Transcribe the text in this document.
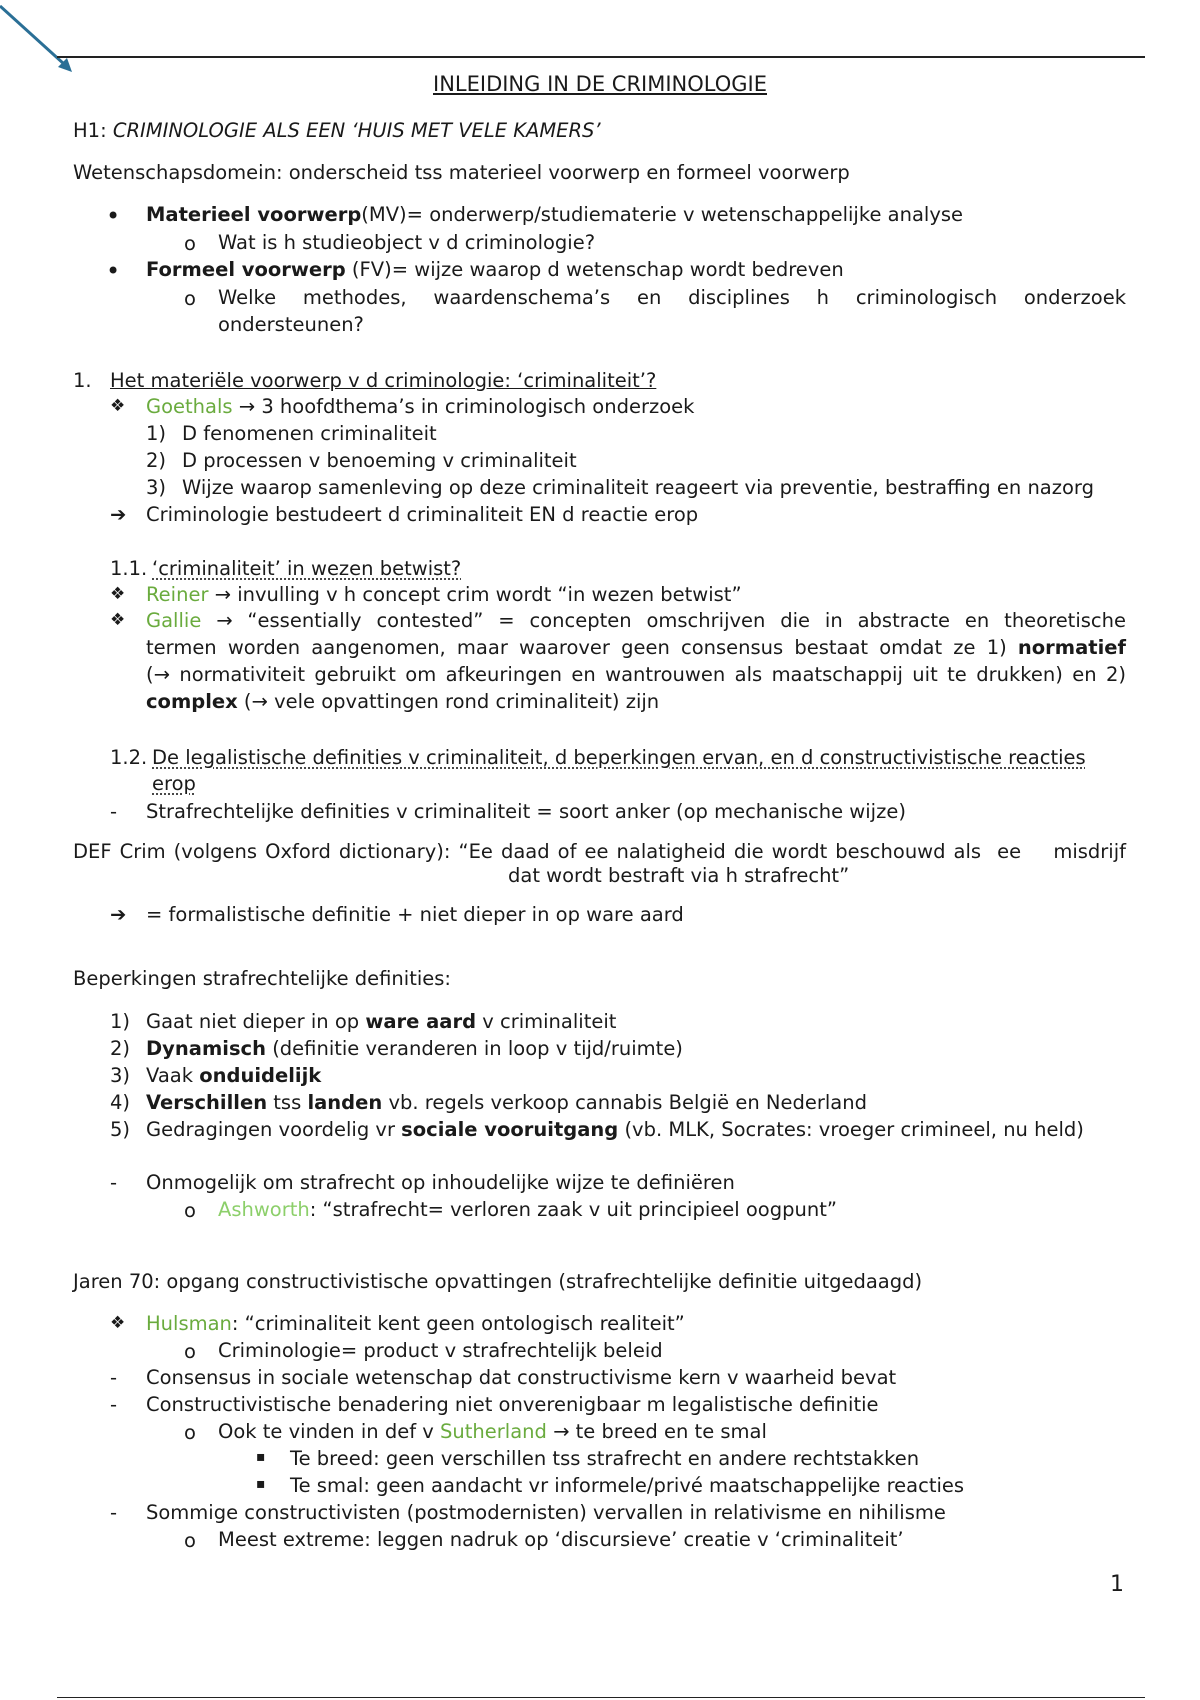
INLEIDING IN DE CRIMINOLOGIE
H1: CRIMINOLOGIE ALS EEN ‘HUIS MET VELE KAMERS’
Wetenschapsdomein: onderscheid tss materieel voorwerp en formeel voorwerp
• Materieel voorwerp(MV)= onderwerp/studiematerie v wetenschappelijke analyse
o Wat is h studieobject v d criminologie?
• Formeel voorwerp (FV)= wijze waarop d wetenschap wordt bedreven
o Welke methodes, waardenschema’s en disciplines h criminologisch onderzoek
ondersteunen?
1. Het materiële voorwerp v d criminologie: ‘criminaliteit’?
❖ Goethals → 3 hoofdthema’s in criminologisch onderzoek
1) D fenomenen criminaliteit
2) D processen v benoeming v criminaliteit
3) Wijze waarop samenleving op deze criminaliteit reageert via preventie, bestraffing en nazorg
➔ Criminologie bestudeert d criminaliteit EN d reactie erop
1.1. ‘criminaliteit’ in wezen betwist?
❖ Reiner → invulling v h concept crim wordt “in wezen betwist”
❖ Gallie → “essentially contested” = concepten omschrijven die in abstracte en theoretische
termen worden aangenomen, maar waarover geen consensus bestaat omdat ze 1) normatief
(→ normativiteit gebruikt om afkeuringen en wantrouwen als maatschappij uit te drukken) en 2)
complex (→ vele opvattingen rond criminaliteit) zijn
1.2. De legalistische definities v criminaliteit, d beperkingen ervan, en d constructivistische reacties
erop
- Strafrechtelijke definities v criminaliteit = soort anker (op mechanische wijze)
DEF Crim (volgens Oxford dictionary): “Ee daad of ee nalatigheid die wordt beschouwd als  ee    misdrijf
dat wordt bestraft via h strafrecht”
➔ = formalistische definitie + niet dieper in op ware aard
Beperkingen strafrechtelijke definities:
1) Gaat niet dieper in op ware aard v criminaliteit
2) Dynamisch (definitie veranderen in loop v tijd/ruimte)
3) Vaak onduidelijk
4) Verschillen tss landen vb. regels verkoop cannabis België en Nederland
5) Gedragingen voordelig vr sociale vooruitgang (vb. MLK, Socrates: vroeger crimineel, nu held)
- Onmogelijk om strafrecht op inhoudelijke wijze te definiëren
o Ashworth: “strafrecht= verloren zaak v uit principieel oogpunt”
Jaren 70: opgang constructivistische opvattingen (strafrechtelijke definitie uitgedaagd)
❖ Hulsman: “criminaliteit kent geen ontologisch realiteit”
o Criminologie= product v strafrechtelijk beleid
- Consensus in sociale wetenschap dat constructivisme kern v waarheid bevat
- Constructivistische benadering niet onverenigbaar m legalistische definitie
o Ook te vinden in def v Sutherland → te breed en te smal
▪ Te breed: geen verschillen tss strafrecht en andere rechtstakken
▪ Te smal: geen aandacht vr informele/privé maatschappelijke reacties
- Sommige constructivisten (postmodernisten) vervallen in relativisme en nihilisme
o Meest extreme: leggen nadruk op ‘discursieve’ creatie v ‘criminaliteit’
1
